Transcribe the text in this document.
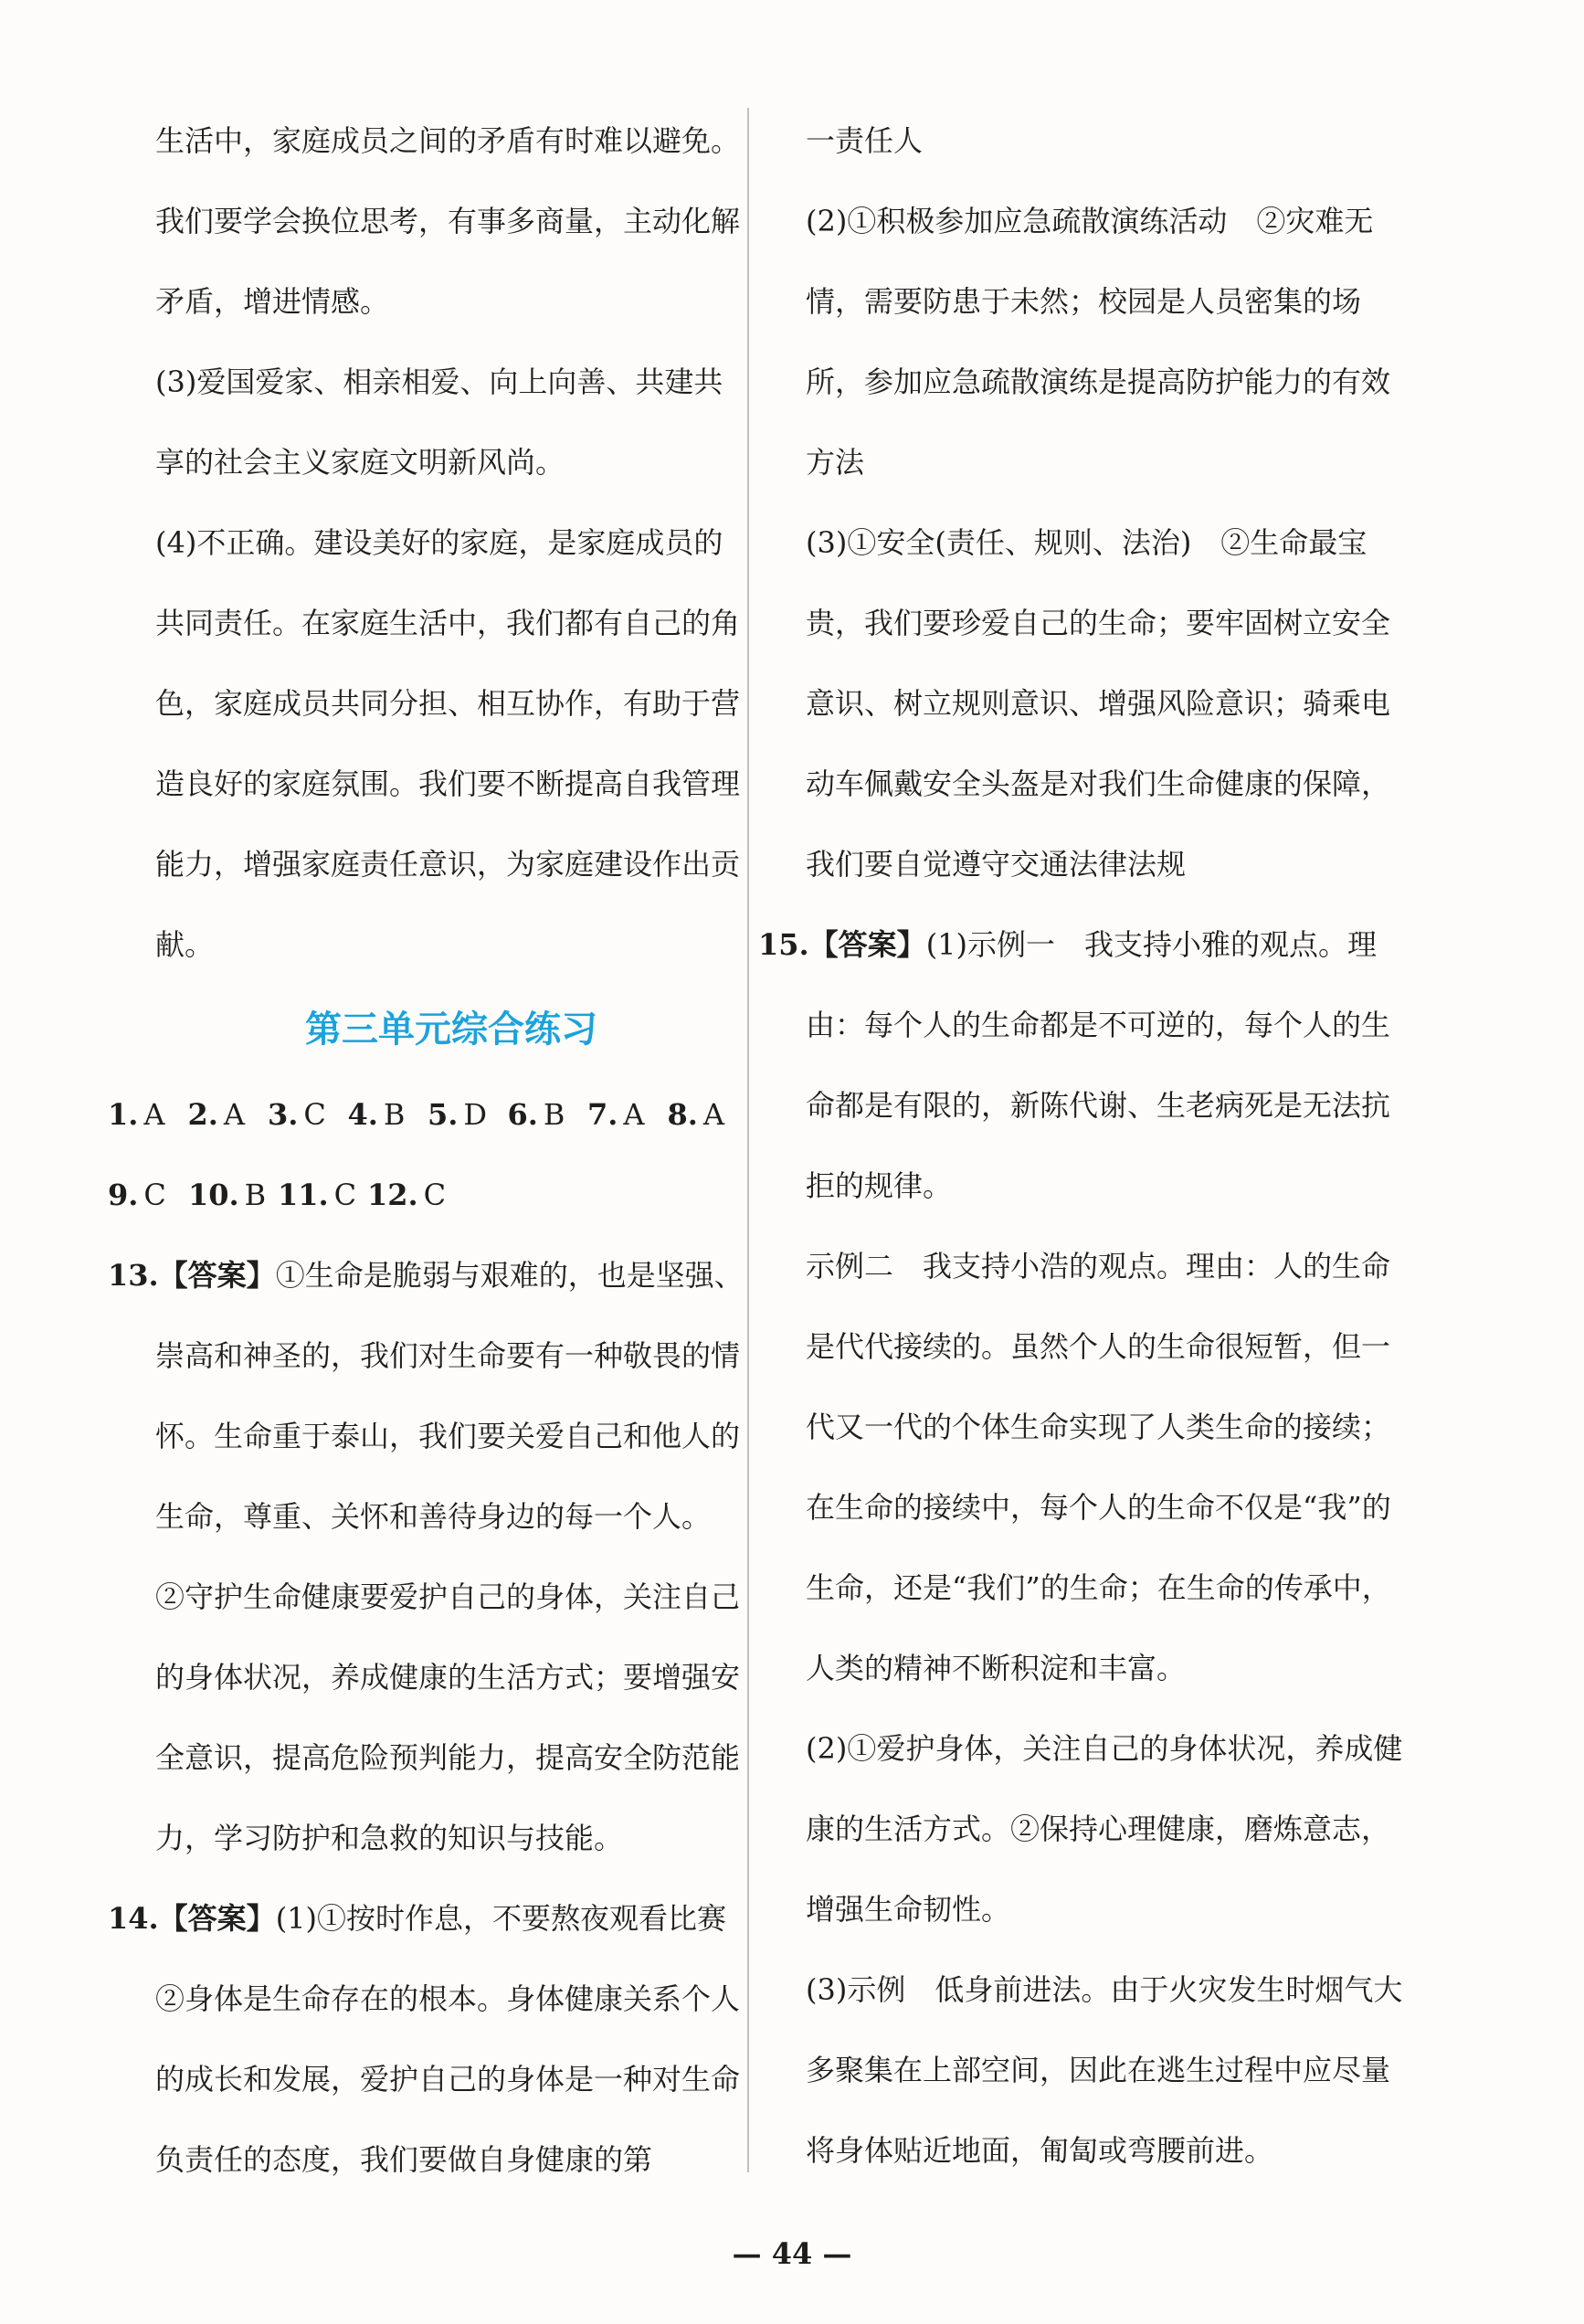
生活中，家庭成员之间的矛盾有时难以避免。我们要学会换位思考，有事多商量，主动化解矛盾，增进情感。

(3)爱国爱家、相亲相爱、向上向善、共建共享的社会主义家庭文明新风尚。

(4)不正确。建设美好的家庭，是家庭成员的共同责任。在家庭生活中，我们都有自己的角色，家庭成员共同分担、相互协作，有助于营造良好的家庭氛围。我们要不断提高自我管理能力，增强家庭责任意识，为家庭建设作出贡献。

第三单元综合练习
1. A 2. A 3. C 4. B 5. D 6. B 7. A 8. A
9. C 10. B 11. C 12. C

13.【答案】①生命是脆弱与艰难的，也是坚强、崇高和神圣的，我们对生命要有一种敬畏的情怀。生命重于泰山，我们要关爱自己和他人的生命，尊重、关怀和善待身边的每一个人。

②守护生命健康要爱护自己的身体，关注自己的身体状况，养成健康的生活方式；要增强安全意识，提高危险预判能力，提高安全防范能力，学习防护和急救的知识与技能。

14.【答案】(1)①按时作息，不要熬夜观看比赛

②身体是生命存在的根本。身体健康关系个人的成长和发展，爱护自己的身体是一种对生命负责任的态度，我们要做自身健康的第

一责任人

(2)①积极参加应急疏散演练活动　②灾难无情，需要防患于未然；校园是人员密集的场所，参加应急疏散演练是提高防护能力的有效方法

(3)①安全(责任、规则、法治)　②生命最宝贵，我们要珍爱自己的生命；要牢固树立安全意识、树立规则意识、增强风险意识；骑乘电动车佩戴安全头盔是对我们生命健康的保障，我们要自觉遵守交通法律法规

15.【答案】(1)示例一　我支持小雅的观点。理由：每个人的生命都是不可逆的，每个人的生命都是有限的，新陈代谢、生老病死是无法抗拒的规律。

示例二　我支持小浩的观点。理由：人的生命是代代接续的。虽然个人的生命很短暂，但一代又一代的个体生命实现了人类生命的接续；在生命的接续中，每个人的生命不仅是“我”的生命，还是“我们”的生命；在生命的传承中，人类的精神不断积淀和丰富。

(2)①爱护身体，关注自己的身体状况，养成健康的生活方式。②保持心理健康，磨炼意志，增强生命韧性。

(3)示例　低身前进法。由于火灾发生时烟气大多聚集在上部空间，因此在逃生过程中应尽量将身体贴近地面，匍匐或弯腰前进。

— 44 —
